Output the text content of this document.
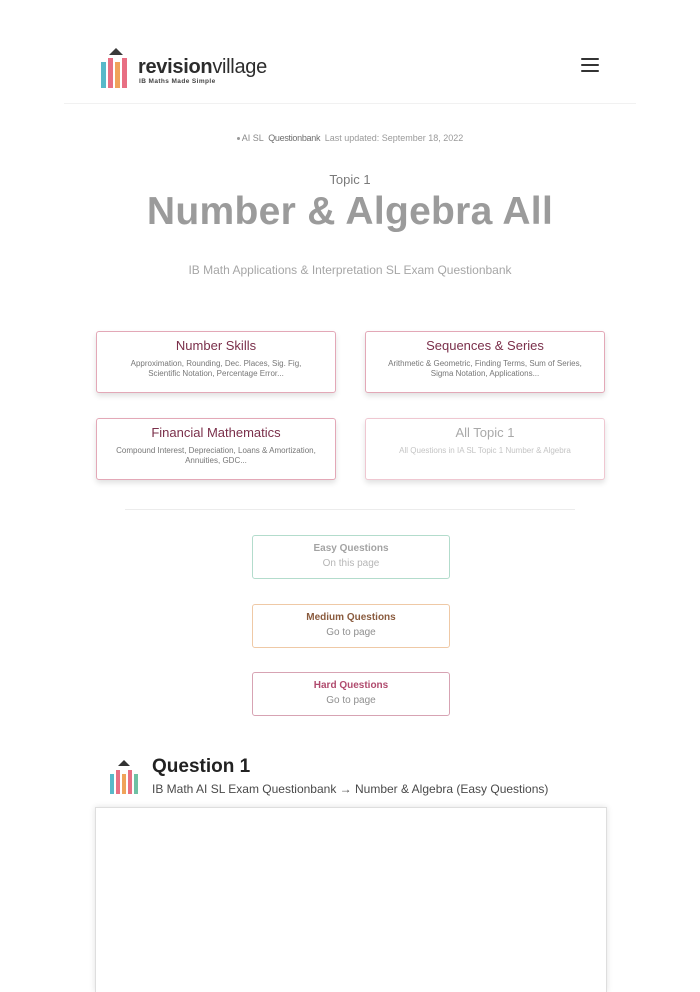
revisionvillage
IB Maths Made Simple
AI SL Questionbank Last updated: September 18, 2022
Topic 1
Number & Algebra All
IB Math Applications & Interpretation SL Exam Questionbank
Number Skills
Approximation, Rounding, Dec. Places, Sig. Fig, Scientific Notation, Percentage Error...
Sequences & Series
Arithmetic & Geometric, Finding Terms, Sum of Series, Sigma Notation, Applications...
Financial Mathematics
Compound Interest, Depreciation, Loans & Amortization, Annuities, GDC...
All Topic 1
All Questions in IA SL Topic 1 Number & Algebra
Easy Questions
On this page
Medium Questions
Go to page
Hard Questions
Go to page
Question 1
IB Math AI SL Exam Questionbank → Number & Algebra (Easy Questions)
